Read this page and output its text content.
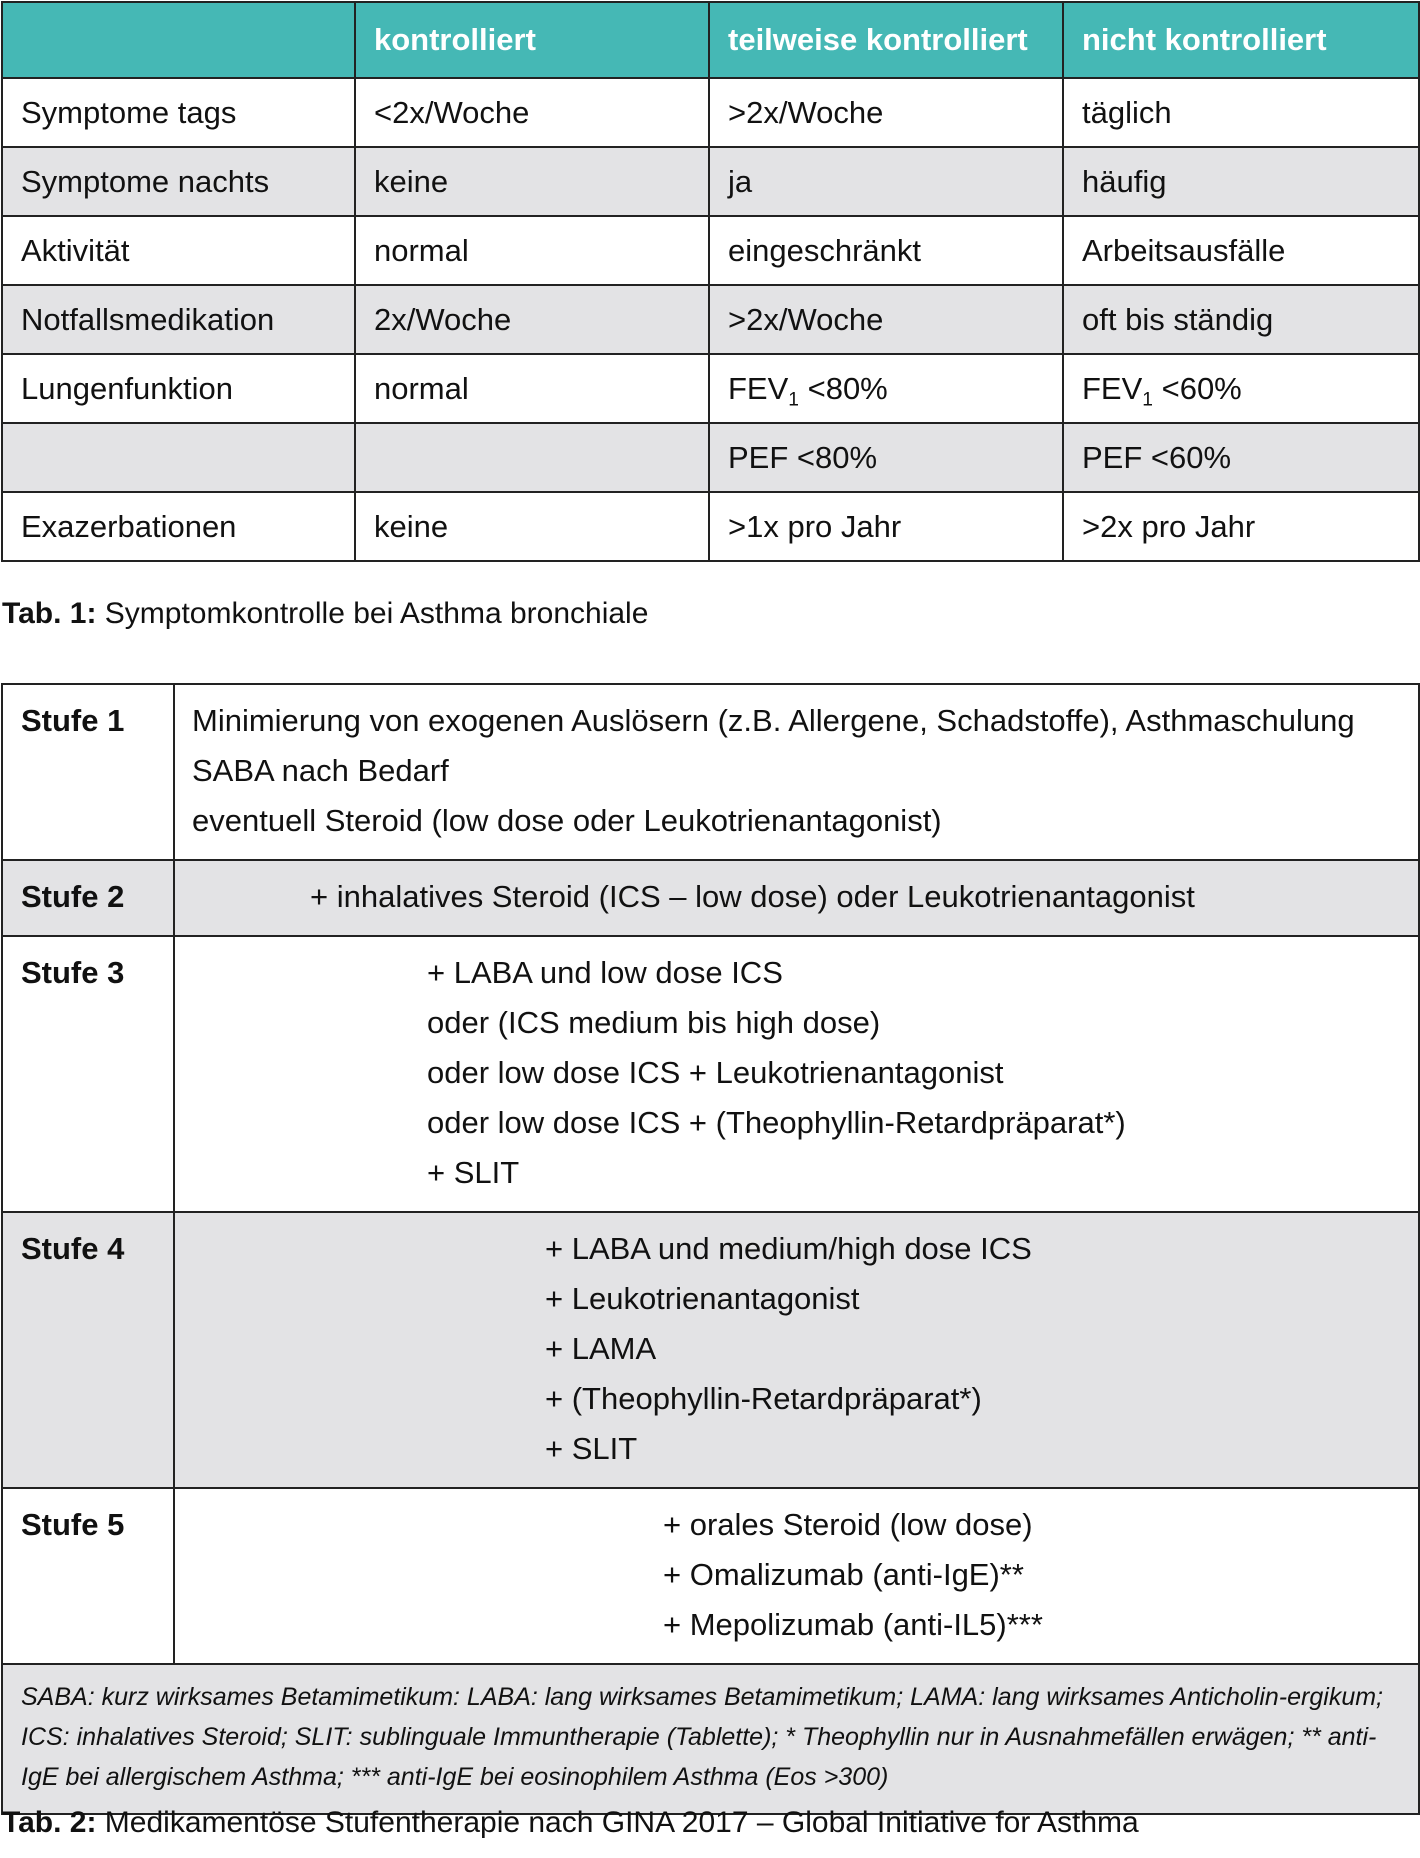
	kontrolliert	teilweise kontrolliert	nicht kontrolliert
Symptome tags	<2x/Woche	>2x/Woche	täglich
Symptome nachts	keine	ja	häufig
Aktivität	normal	eingeschränkt	Arbeitsausfälle
Notfallsmedikation	2x/Woche	>2x/Woche	oft bis ständig
Lungenfunktion	normal	$FEV_1 <80\%$	$FEV_1 <60\%$
		PEF <80%	PEF <60%
Exazerbationen	keine	>1x pro Jahr	>2x pro Jahr
Tab. 1: Symptomkontrolle bei Asthma bronchiale
Stufe 1	Minimierung von exogenen Auslösern (z.B. Allergene, Schadstoffe), Asthmaschulung
SABA nach Bedarf
eventuell Steroid (low dose oder Leukotrienantagonist)

Stufe 2	+ inhalatives Steroid (ICS – low dose) oder Leukotrienantagonist

Stufe 3	+ LABA und low dose ICS
oder (ICS medium bis high dose)
oder low dose ICS + Leukotrienantagonist
oder low dose ICS + (Theophyllin-Retardpräparat*)
+ SLIT

Stufe 4	+ LABA und medium/high dose ICS
+ Leukotrienantagonist
+ LAMA
+ (Theophyllin-Retardpräparat*)
+ SLIT

Stufe 5	+ orales Steroid (low dose)
+ Omalizumab (anti-IgE)**
+ Mepolizumab (anti-IL5)***

SABA: kurz wirksames Betamimetikum: LABA: lang wirksames Betamimetikum; LAMA: lang wirksames Anticholin-ergikum; ICS: inhalatives Steroid; SLIT: sublinguale Immuntherapie (Tablette); * Theophyllin nur in Ausnahmefällen erwägen; ** anti-IgE bei allergischem Asthma; *** anti-IgE bei eosinophilem Asthma (Eos >300)	
Tab. 2: Medikamentöse Stufentherapie nach GINA 2017 – Global Initiative for Asthma
